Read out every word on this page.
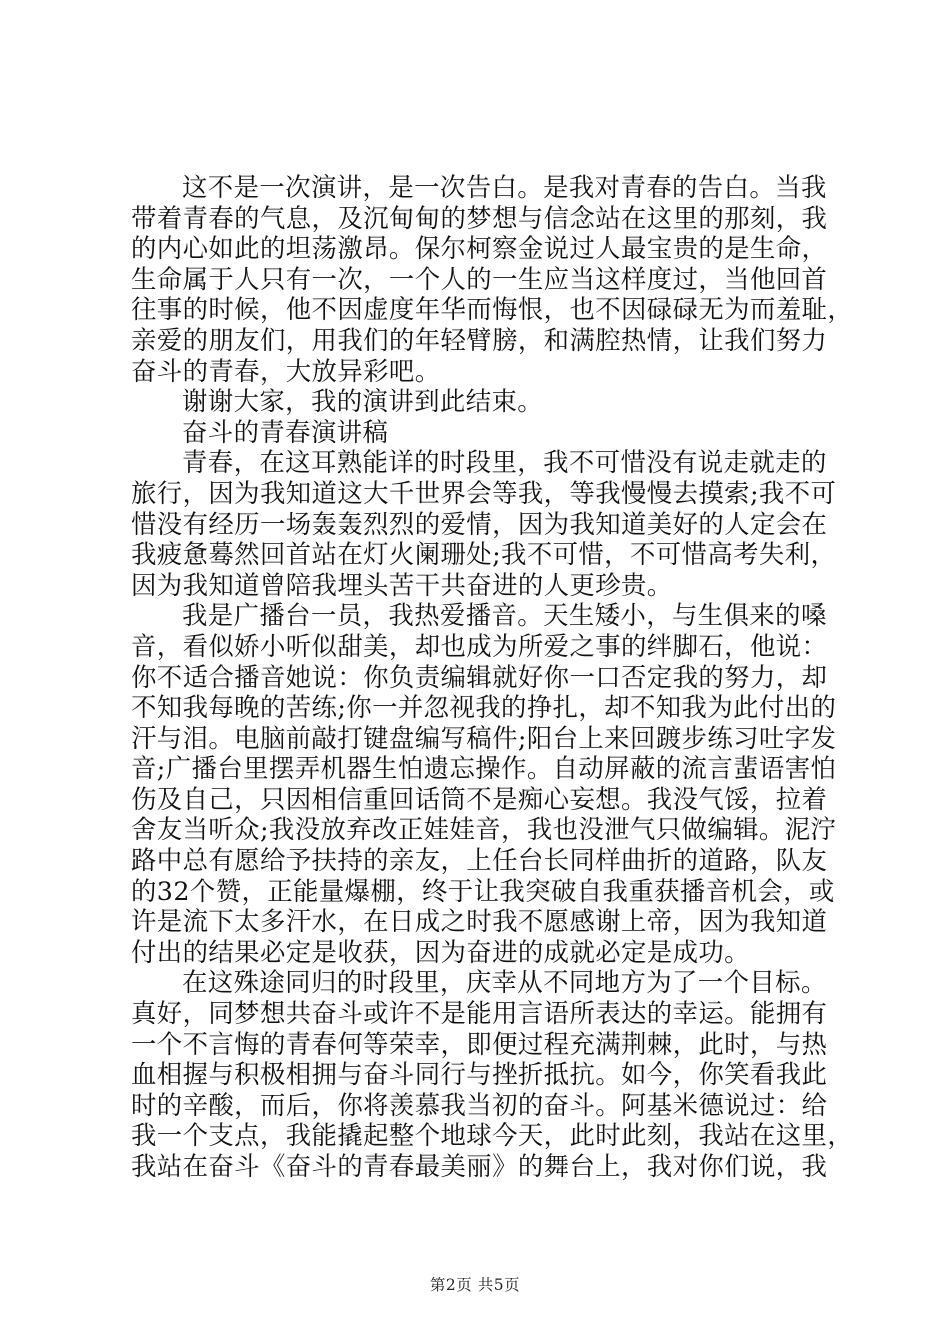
这不是一次演讲，是一次告白。是我对青春的告白。当我
带着青春的气息，及沉甸甸的梦想与信念站在这里的那刻，我
的内心如此的坦荡激昂。保尔柯察金说过人最宝贵的是生命，
生命属于人只有一次，一个人的一生应当这样度过，当他回首
往事的时候，他不因虚度年华而悔恨，也不因碌碌无为而羞耻，
亲爱的朋友们，用我们的年轻臂膀，和满腔热情，让我们努力
奋斗的青春，大放异彩吧。
谢谢大家，我的演讲到此结束。
奋斗的青春演讲稿
青春，在这耳熟能详的时段里，我不可惜没有说走就走的
旅行，因为我知道这大千世界会等我，等我慢慢去摸索;我不可
惜没有经历一场轰轰烈烈的爱情，因为我知道美好的人定会在
我疲惫蓦然回首站在灯火阑珊处;我不可惜，不可惜高考失利，
因为我知道曾陪我埋头苦干共奋进的人更珍贵。
我是广播台一员，我热爱播音。天生矮小，与生俱来的嗓
音，看似娇小听似甜美，却也成为所爱之事的绊脚石，他说：
你不适合播音她说：你负责编辑就好你一口否定我的努力，却
不知我每晚的苦练;你一并忽视我的挣扎，却不知我为此付出的
汗与泪。电脑前敲打键盘编写稿件;阳台上来回踱步练习吐字发
音;广播台里摆弄机器生怕遗忘操作。自动屏蔽的流言蜚语害怕
伤及自己，只因相信重回话筒不是痴心妄想。我没气馁，拉着
舍友当听众;我没放弃改正娃娃音，我也没泄气只做编辑。泥泞
路中总有愿给予扶持的亲友，上任台长同样曲折的道路，队友
的32个赞，正能量爆棚，终于让我突破自我重获播音机会，或
许是流下太多汗水，在日成之时我不愿感谢上帝，因为我知道
付出的结果必定是收获，因为奋进的成就必定是成功。
在这殊途同归的时段里，庆幸从不同地方为了一个目标。
真好，同梦想共奋斗或许不是能用言语所表达的幸运。能拥有
一个不言悔的青春何等荣幸，即便过程充满荆棘，此时，与热
血相握与积极相拥与奋斗同行与挫折抵抗。如今，你笑看我此
时的辛酸，而后，你将羡慕我当初的奋斗。阿基米德说过：给
我一个支点，我能撬起整个地球今天，此时此刻，我站在这里，
我站在奋斗《奋斗的青春最美丽》的舞台上，我对你们说，我
第2页 共5页
